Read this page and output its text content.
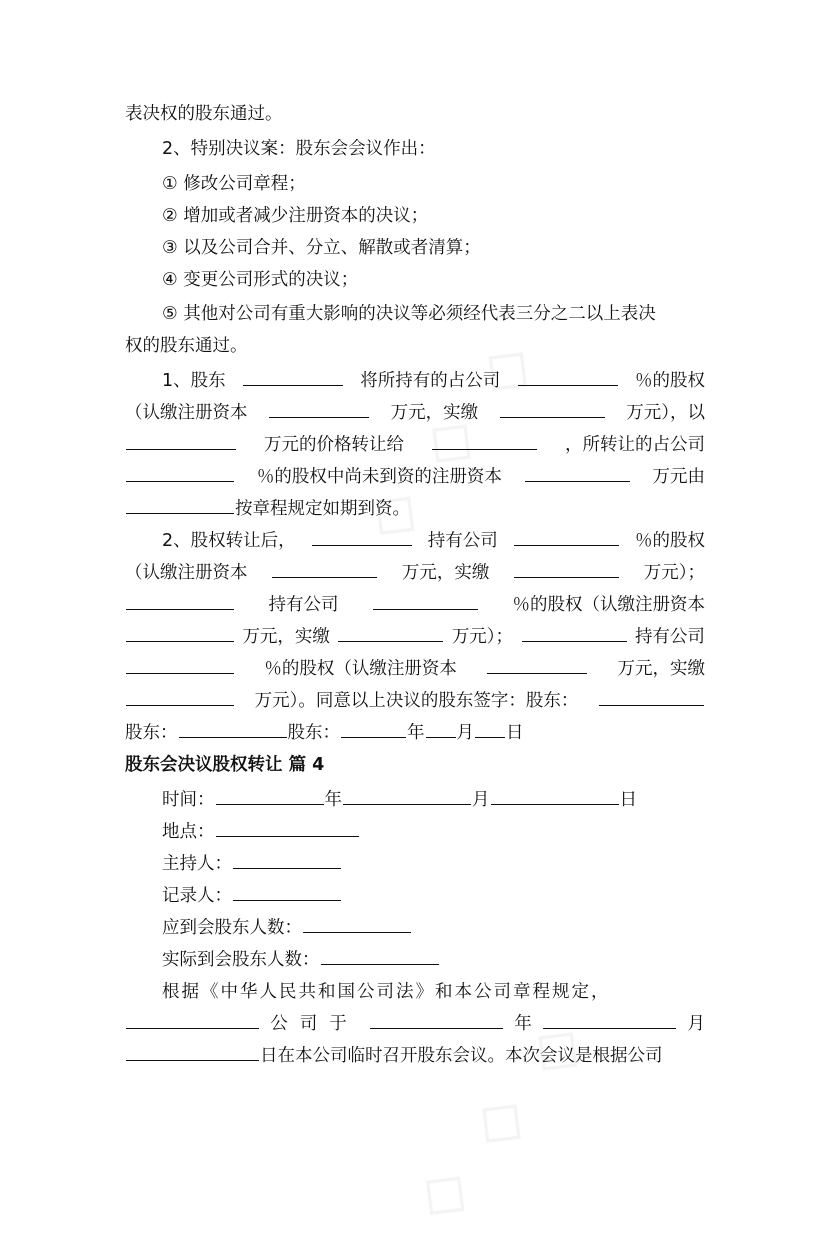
表决权的股东通过。
2、特别决议案：股东会会议作出：
① 修改公司章程；
② 增加或者减少注册资本的决议；
③ 以及公司合并、分立、解散或者清算；
④ 变更公司形式的决议；
⑤ 其他对公司有重大影响的决议等必须经代表三分之二以上表决
权的股东通过。
1、股东	将所持有的占公司	％的股权
（认缴注册资本	万元，实缴	万元），以
万元的价格转让给	，所转让的占公司
％的股权中尚未到资的注册资本	万元由
按章程规定如期到资。
2、股权转让后，	持有公司	％的股权
（认缴注册资本	万元，实缴	万元）；
持有公司	％的股权（认缴注册资本
万元，实缴	万元）；	持有公司
％的股权（认缴注册资本	万元，实缴
万元）。同意以上决议的股东签字：股东：
股东：	股东：	年 月 日
股东会决议股权转让 篇 4
时间：	年	月	日
地点：
主持人：
记录人：
应到会股东人数：
实际到会股东人数：
根据《中华人民共和国公司法》和本公司章程规定，
公司于	年	月
日在本公司临时召开股东会议。本次会议是根据公司
